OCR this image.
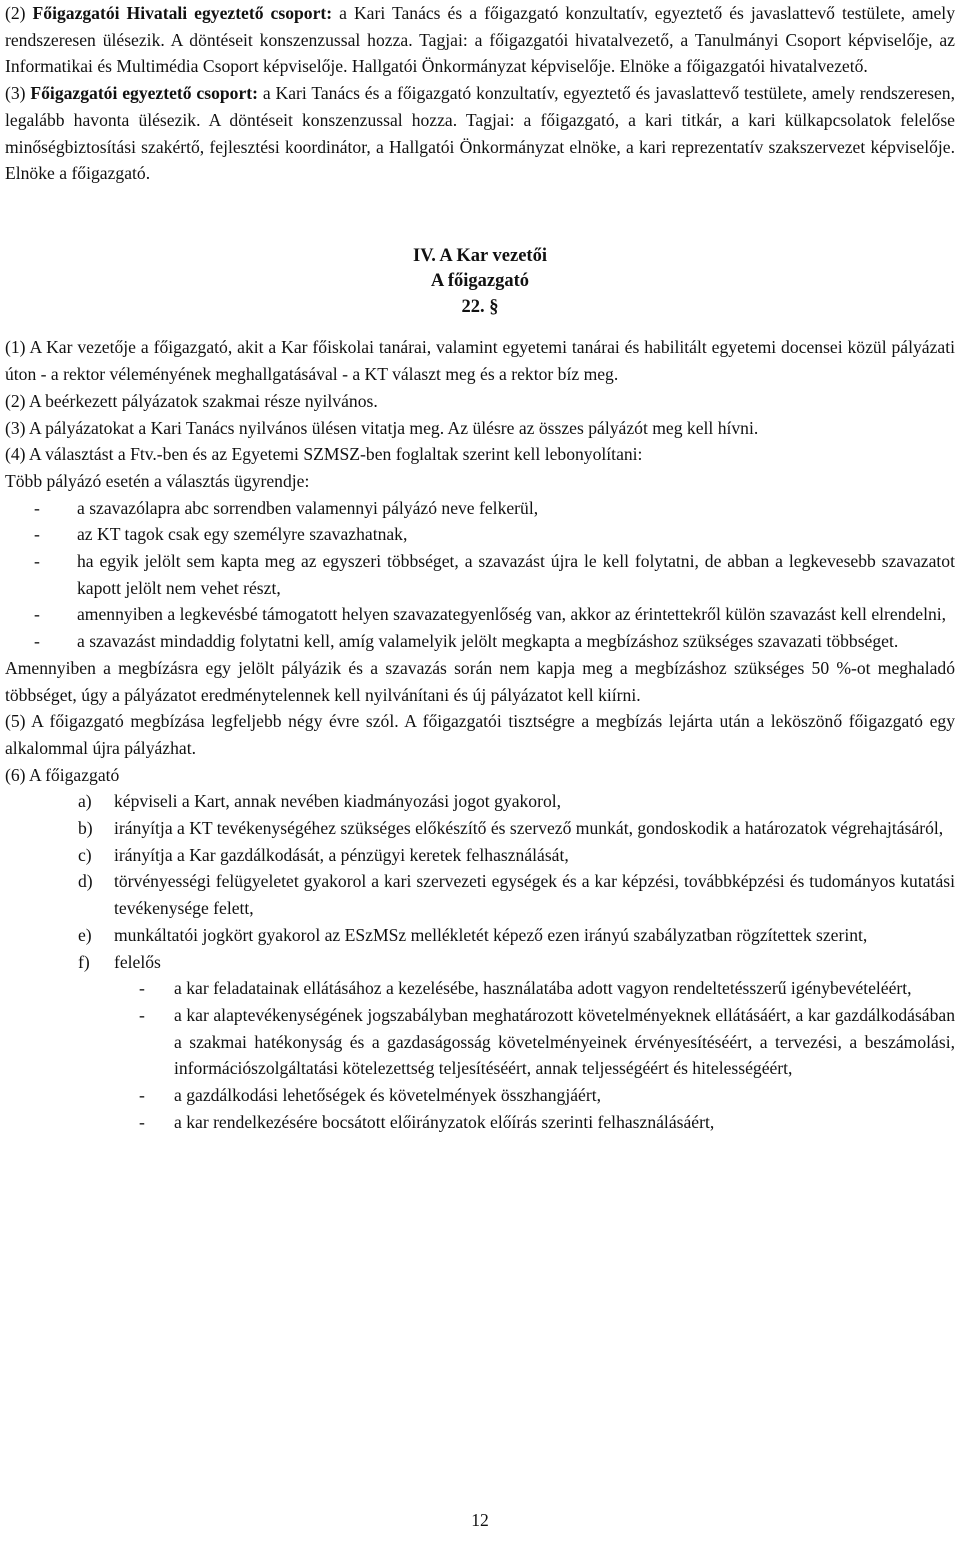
(2) Főigazgatói Hivatali egyeztető csoport: a Kari Tanács és a főigazgató konzultatív, egyeztető és javaslattevő testülete, amely rendszeresen ülésezik. A döntéseit konszenzussal hozza. Tagjai: a főigazgatói hivatalvezető, a Tanulmányi Csoport képviselője, az Informatikai és Multimédia Csoport képviselője. Hallgatói Önkormányzat képviselője. Elnöke a főigazgatói hivatalvezető.

(3) Főigazgatói egyeztető csoport: a Kari Tanács és a főigazgató konzultatív, egyeztető és javaslattevő testülete, amely rendszeresen, legalább havonta ülésezik. A döntéseit konszenzussal hozza. Tagjai: a főigazgató, a kari titkár, a kari külkapcsolatok felelőse minőségbiztosítási szakértő, fejlesztési koordinátor, a Hallgatói Önkormányzat elnöke, a kari reprezentatív szakszervezet képviselője. Elnöke a főigazgató.

IV. A Kar vezetői
A főigazgató
22. §

(1) A Kar vezetője a főigazgató, akit a Kar főiskolai tanárai, valamint egyetemi tanárai és habilitált egyetemi docensei közül pályázati úton - a rektor véleményének meghallgatásával - a KT választ meg és a rektor bíz meg.

(2) A beérkezett pályázatok szakmai része nyilvános.

(3) A pályázatokat a Kari Tanács nyilvános ülésen vitatja meg. Az ülésre az összes pályázót meg kell hívni.

(4) A választást a Ftv.-ben és az Egyetemi SZMSZ-ben foglaltak szerint kell lebonyolítani:

Több pályázó esetén a választás ügyrendje:

- a szavazólapra abc sorrendben valamennyi pályázó neve felkerül,
- az KT tagok csak egy személyre szavazhatnak,
- ha egyik jelölt sem kapta meg az egyszeri többséget, a szavazást újra le kell folytatni, de abban a legkevesebb szavazatot kapott jelölt nem vehet részt,
- amennyiben a legkevésbé támogatott helyen szavazategyenlőség van, akkor az érintettekről külön szavazást kell elrendelni,
- a szavazást mindaddig folytatni kell, amíg valamelyik jelölt megkapta a megbízáshoz szükséges szavazati többséget.

Amennyiben a megbízásra egy jelölt pályázik és a szavazás során nem kapja meg a megbízáshoz szükséges 50 %-ot meghaladó többséget, úgy a pályázatot eredménytelennek kell nyilvánítani és új pályázatot kell kiírni.

(5) A főigazgató megbízása legfeljebb négy évre szól. A főigazgatói tisztségre a megbízás lejárta után a leköszönő főigazgató egy alkalommal újra pályázhat.

(6) A főigazgató

a) képviseli a Kart, annak nevében kiadmányozási jogot gyakorol,
b) irányítja a KT tevékenységéhez szükséges előkészítő és szervező munkát, gondoskodik a határozatok végrehajtásáról,
c) irányítja a Kar gazdálkodását, a pénzügyi keretek felhasználását,
d) törvényességi felügyeletet gyakorol a kari szervezeti egységek és a kar képzési, továbbképzési és tudományos kutatási tevékenysége felett,
e) munkáltatói jogkört gyakorol az ESzMSz mellékletét képező ezen irányú szabályzatban rögzítettek szerint,
f) felelős
- a kar feladatainak ellátásához a kezelésébe, használatába adott vagyon rendeltetésszerű igénybevételéért,
- a kar alaptevékenységének jogszabályban meghatározott követelményeknek ellátásáért, a kar gazdálkodásában a szakmai hatékonyság és a gazdaságosság követelményeinek érvényesítéséért, a tervezési, a beszámolási, információszolgáltatási kötelezettség teljesítéséért, annak teljességéért és hitelességéért,
- a gazdálkodási lehetőségek és követelmények összhangjáért,
- a kar rendelkezésére bocsátott előirányzatok előírás szerinti felhasználásáért,
12
